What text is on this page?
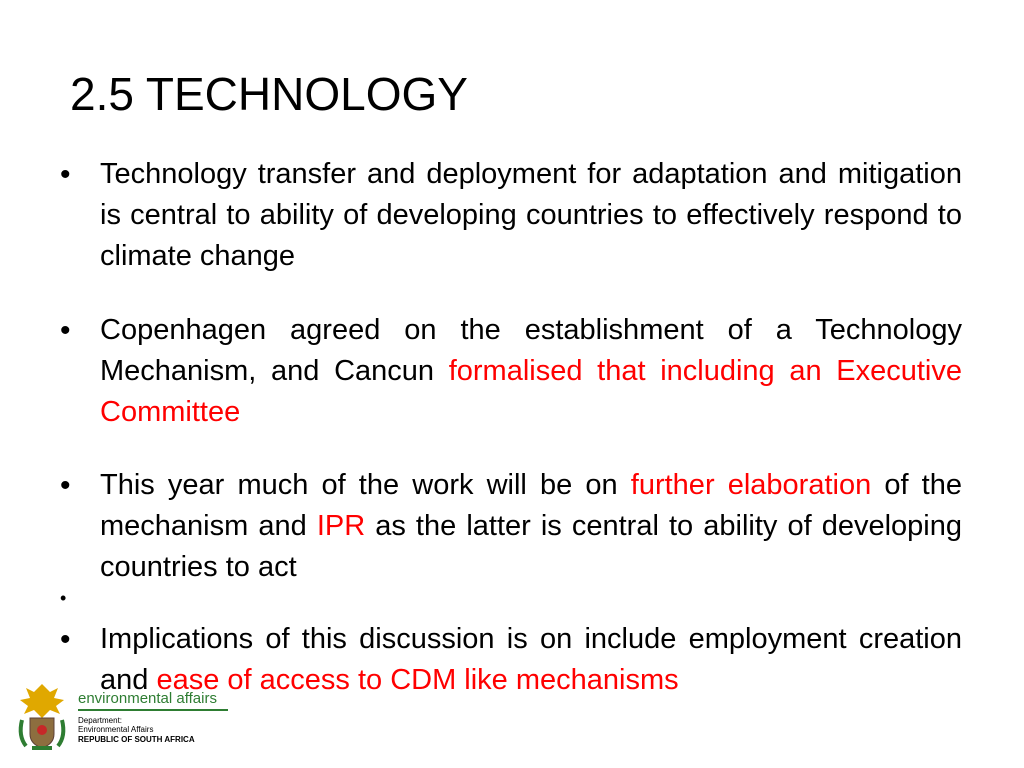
2.5 TECHNOLOGY
• Technology transfer and deployment for adaptation and mitigation is central to ability of developing countries to effectively respond to climate change
• Copenhagen agreed on the establishment of a Technology Mechanism, and Cancun formalised that including an Executive Committee
• This year much of the work will be on further elaboration of the mechanism and IPR as the latter is central to ability of developing countries to act
•
• Implications of this discussion is on include employment creation and ease of access to CDM like mechanisms
environmental affairs
Department:
Environmental Affairs
REPUBLIC OF SOUTH AFRICA
